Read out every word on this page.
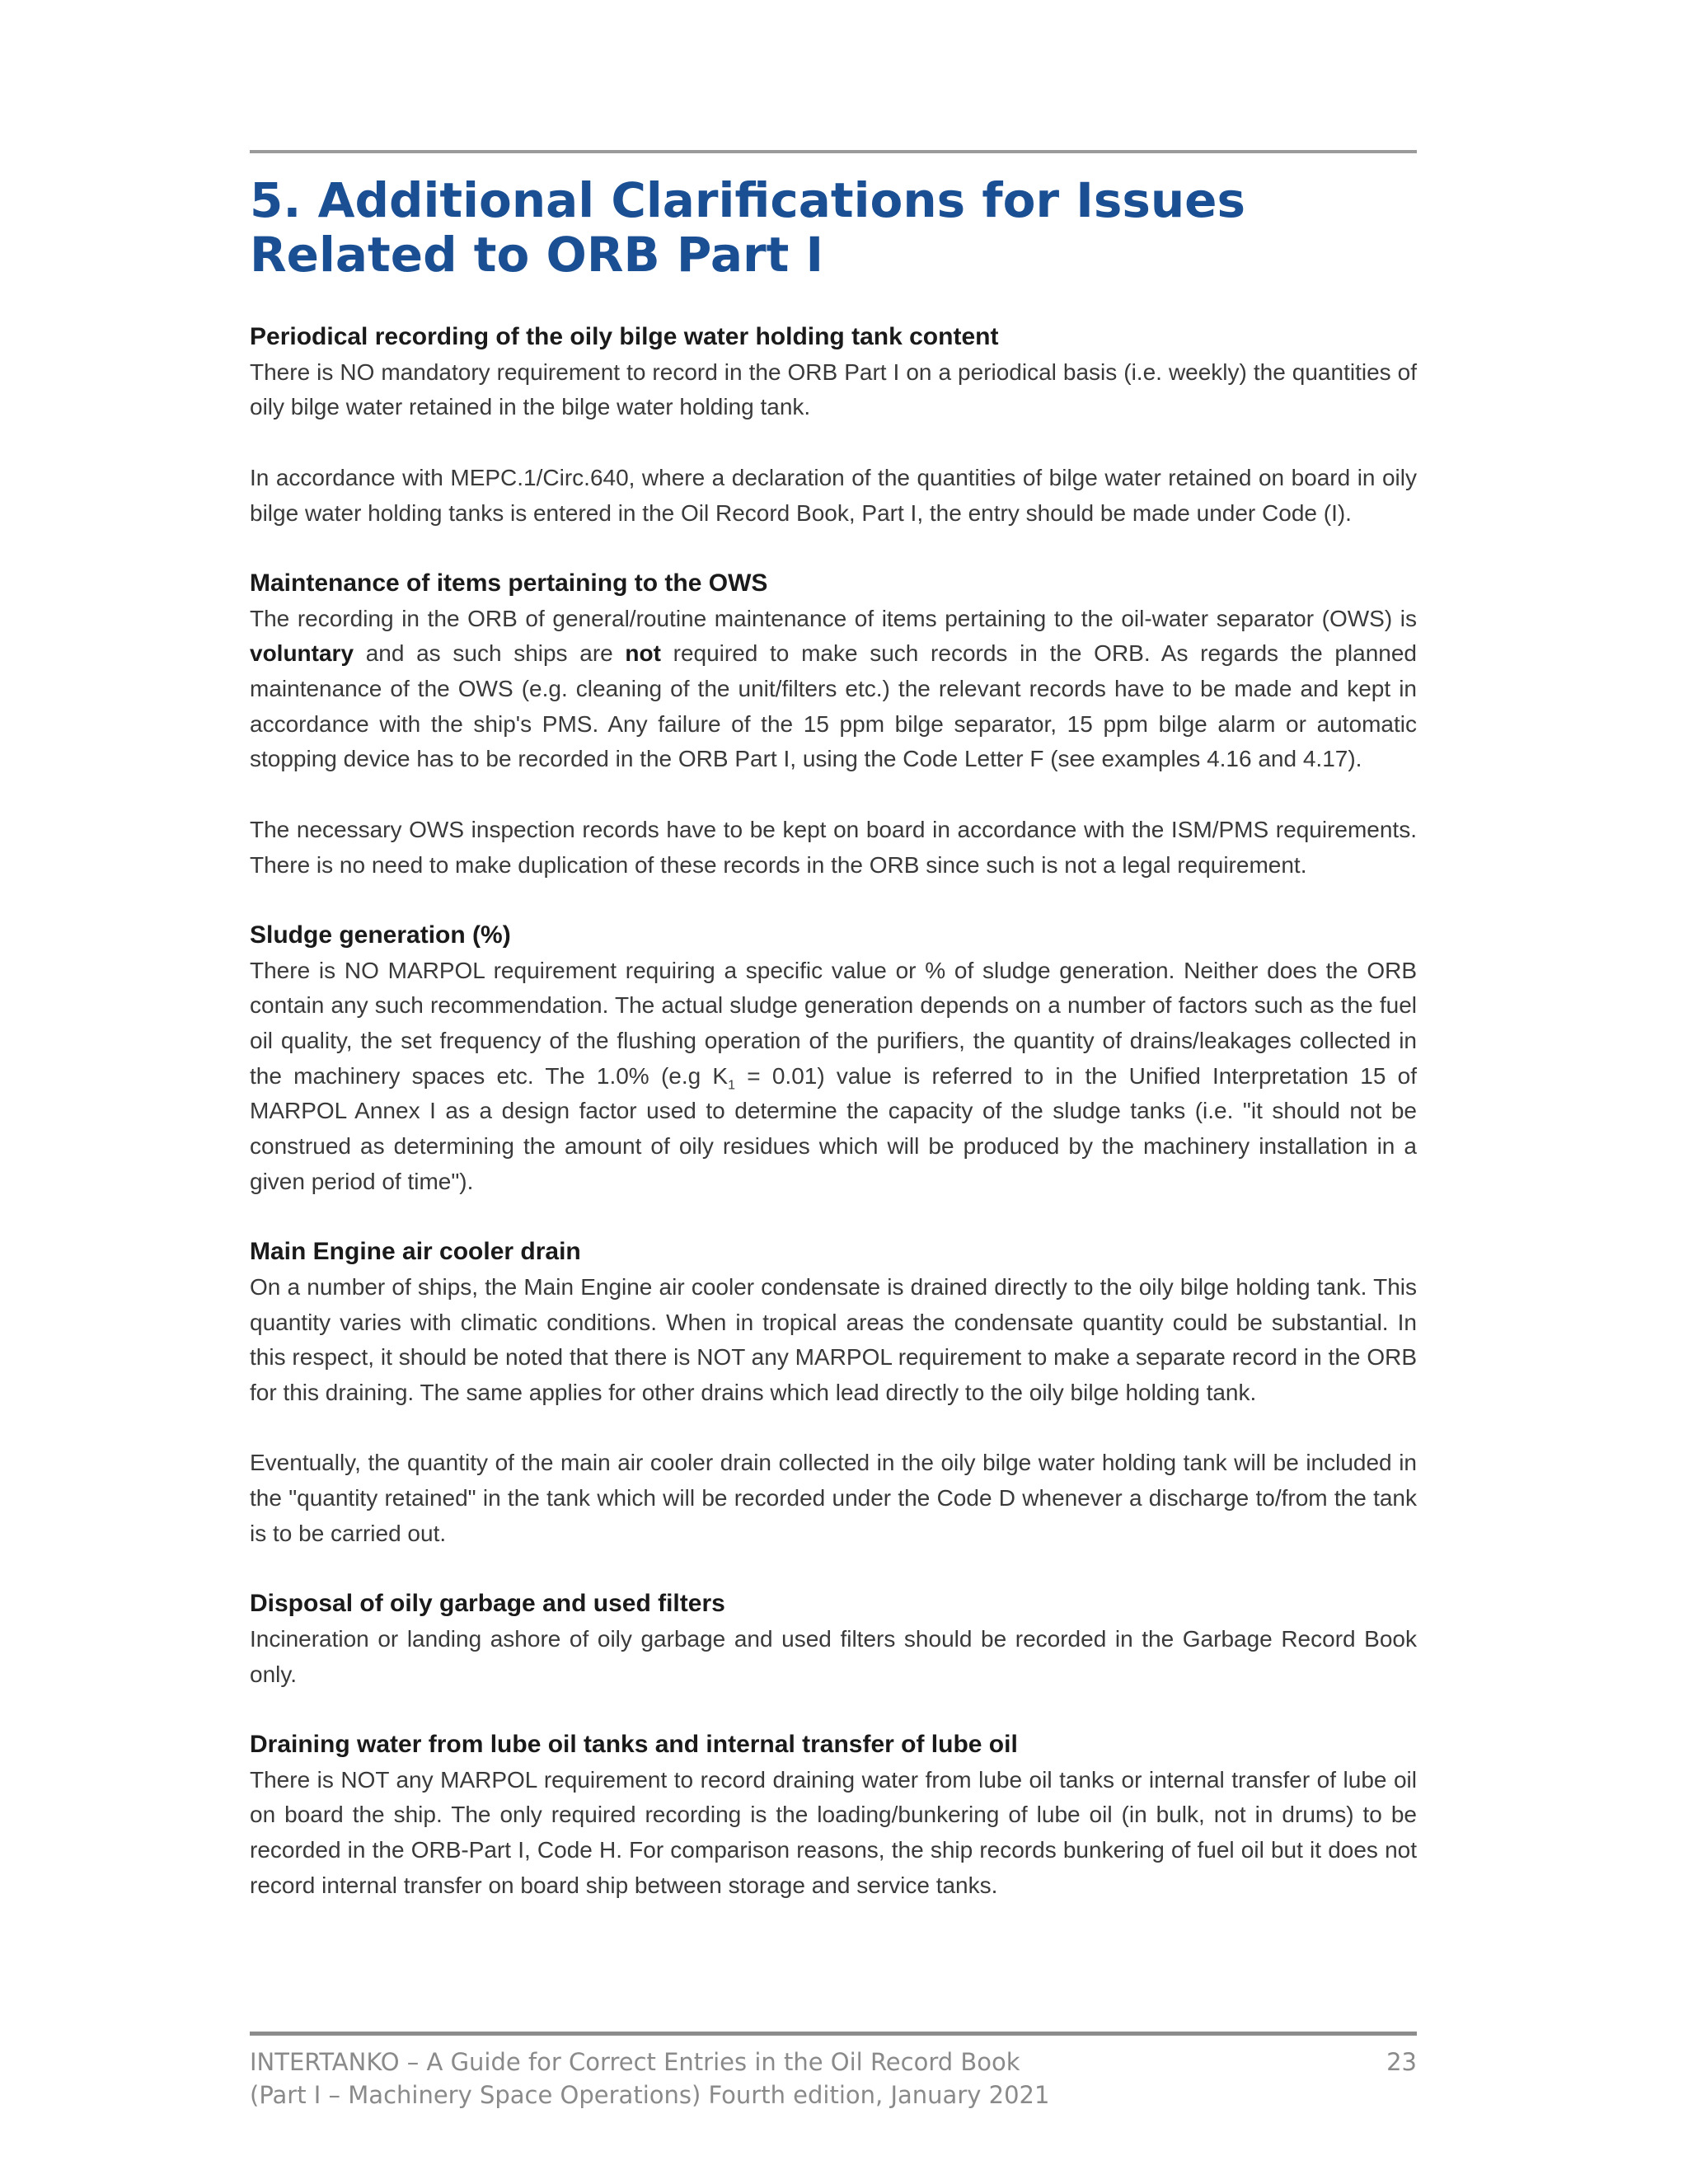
5. Additional Clarifications for Issues Related to ORB Part I
Periodical recording of the oily bilge water holding tank content

There is NO mandatory requirement to record in the ORB Part I on a periodical basis (i.e. weekly) the quantities of oily bilge water retained in the bilge water holding tank.

In accordance with MEPC.1/Circ.640, where a declaration of the quantities of bilge water retained on board in oily bilge water holding tanks is entered in the Oil Record Book, Part I, the entry should be made under Code (I).

Maintenance of items pertaining to the OWS

The recording in the ORB of general/routine maintenance of items pertaining to the oil-water separator (OWS) is voluntary and as such ships are not required to make such records in the ORB. As regards the planned maintenance of the OWS (e.g. cleaning of the unit/filters etc.) the relevant records have to be made and kept in accordance with the ship's PMS. Any failure of the 15 ppm bilge separator, 15 ppm bilge alarm or automatic stopping device has to be recorded in the ORB Part I, using the Code Letter F (see examples 4.16 and 4.17).

The necessary OWS inspection records have to be kept on board in accordance with the ISM/PMS requirements. There is no need to make duplication of these records in the ORB since such is not a legal requirement.

Sludge generation (%)

There is NO MARPOL requirement requiring a specific value or % of sludge generation. Neither does the ORB contain any such recommendation. The actual sludge generation depends on a number of factors such as the fuel oil quality, the set frequency of the flushing operation of the purifiers, the quantity of drains/leakages collected in the machinery spaces etc. The 1.0% (e.g $K_1 = 0.01$) value is referred to in the Unified Interpretation 15 of MARPOL Annex I as a design factor used to determine the capacity of the sludge tanks (i.e. "it should not be construed as determining the amount of oily residues which will be produced by the machinery installation in a given period of time").

Main Engine air cooler drain

On a number of ships, the Main Engine air cooler condensate is drained directly to the oily bilge holding tank. This quantity varies with climatic conditions. When in tropical areas the condensate quantity could be substantial. In this respect, it should be noted that there is NOT any MARPOL requirement to make a separate record in the ORB for this draining. The same applies for other drains which lead directly to the oily bilge holding tank.

Eventually, the quantity of the main air cooler drain collected in the oily bilge water holding tank will be included in the "quantity retained" in the tank which will be recorded under the Code D whenever a discharge to/from the tank is to be carried out.

Disposal of oily garbage and used filters

Incineration or landing ashore of oily garbage and used filters should be recorded in the Garbage Record Book only.

Draining water from lube oil tanks and internal transfer of lube oil

There is NOT any MARPOL requirement to record draining water from lube oil tanks or internal transfer of lube oil on board the ship. The only required recording is the loading/bunkering of lube oil (in bulk, not in drums) to be recorded in the ORB-Part I, Code H. For comparison reasons, the ship records bunkering of fuel oil but it does not record internal transfer on board ship between storage and service tanks.

INTERTANKO – A Guide for Correct Entries in the Oil Record Book
(Part I – Machinery Space Operations) Fourth edition, January 2021
23
